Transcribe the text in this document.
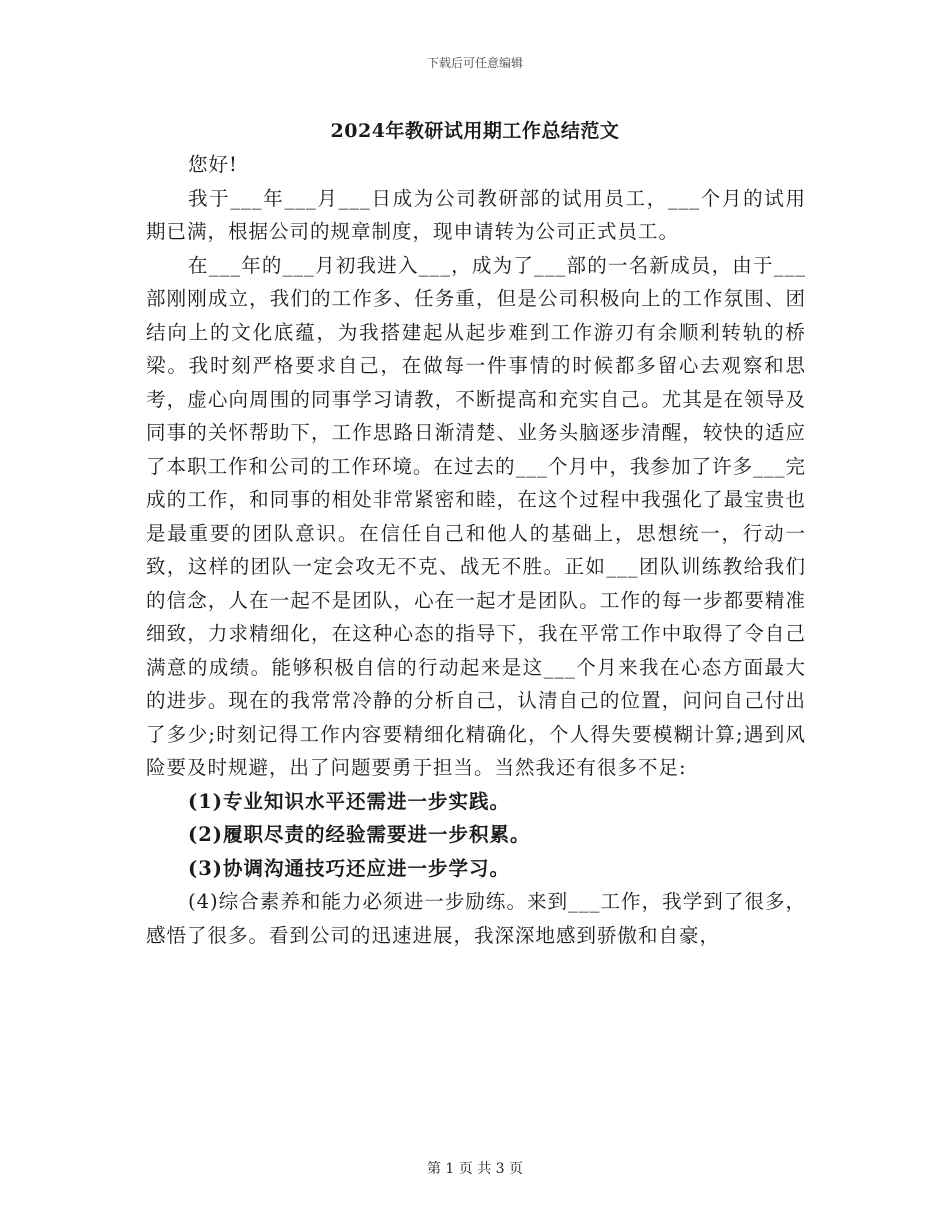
下载后可任意编辑
2024年教研试用期工作总结范文

您好!

我于___年___月___日成为公司教研部的试用员工，___个月的试用期已满，根据公司的规章制度，现申请转为公司正式员工。

在___年的___月初我进入___，成为了___部的一名新成员，由于___部刚刚成立，我们的工作多、任务重，但是公司积极向上的工作氛围、团结向上的文化底蕴，为我搭建起从起步难到工作游刃有余顺利转轨的桥梁。我时刻严格要求自己，在做每一件事情的时候都多留心去观察和思考，虚心向周围的同事学习请教，不断提高和充实自己。尤其是在领导及同事的关怀帮助下，工作思路日渐清楚、业务头脑逐步清醒，较快的适应了本职工作和公司的工作环境。在过去的___个月中，我参加了许多___完成的工作，和同事的相处非常紧密和睦，在这个过程中我强化了最宝贵也是最重要的团队意识。在信任自己和他人的基础上，思想统一，行动一致，这样的团队一定会攻无不克、战无不胜。正如___团队训练教给我们的信念，人在一起不是团队，心在一起才是团队。工作的每一步都要精准细致，力求精细化，在这种心态的指导下，我在平常工作中取得了令自己满意的成绩。能够积极自信的行动起来是这___个月来我在心态方面最大的进步。现在的我常常冷静的分析自己，认清自己的位置，问问自己付出了多少;时刻记得工作内容要精细化精确化，个人得失要模糊计算;遇到风险要及时规避，出了问题要勇于担当。当然我还有很多不足:

(1)专业知识水平还需进一步实践。

(2)履职尽责的经验需要进一步积累。

(3)协调沟通技巧还应进一步学习。

(4)综合素养和能力必须进一步励练。来到___工作，我学到了很多，感悟了很多。看到公司的迅速进展，我深深地感到骄傲和自豪，

第 1 页 共 3 页
